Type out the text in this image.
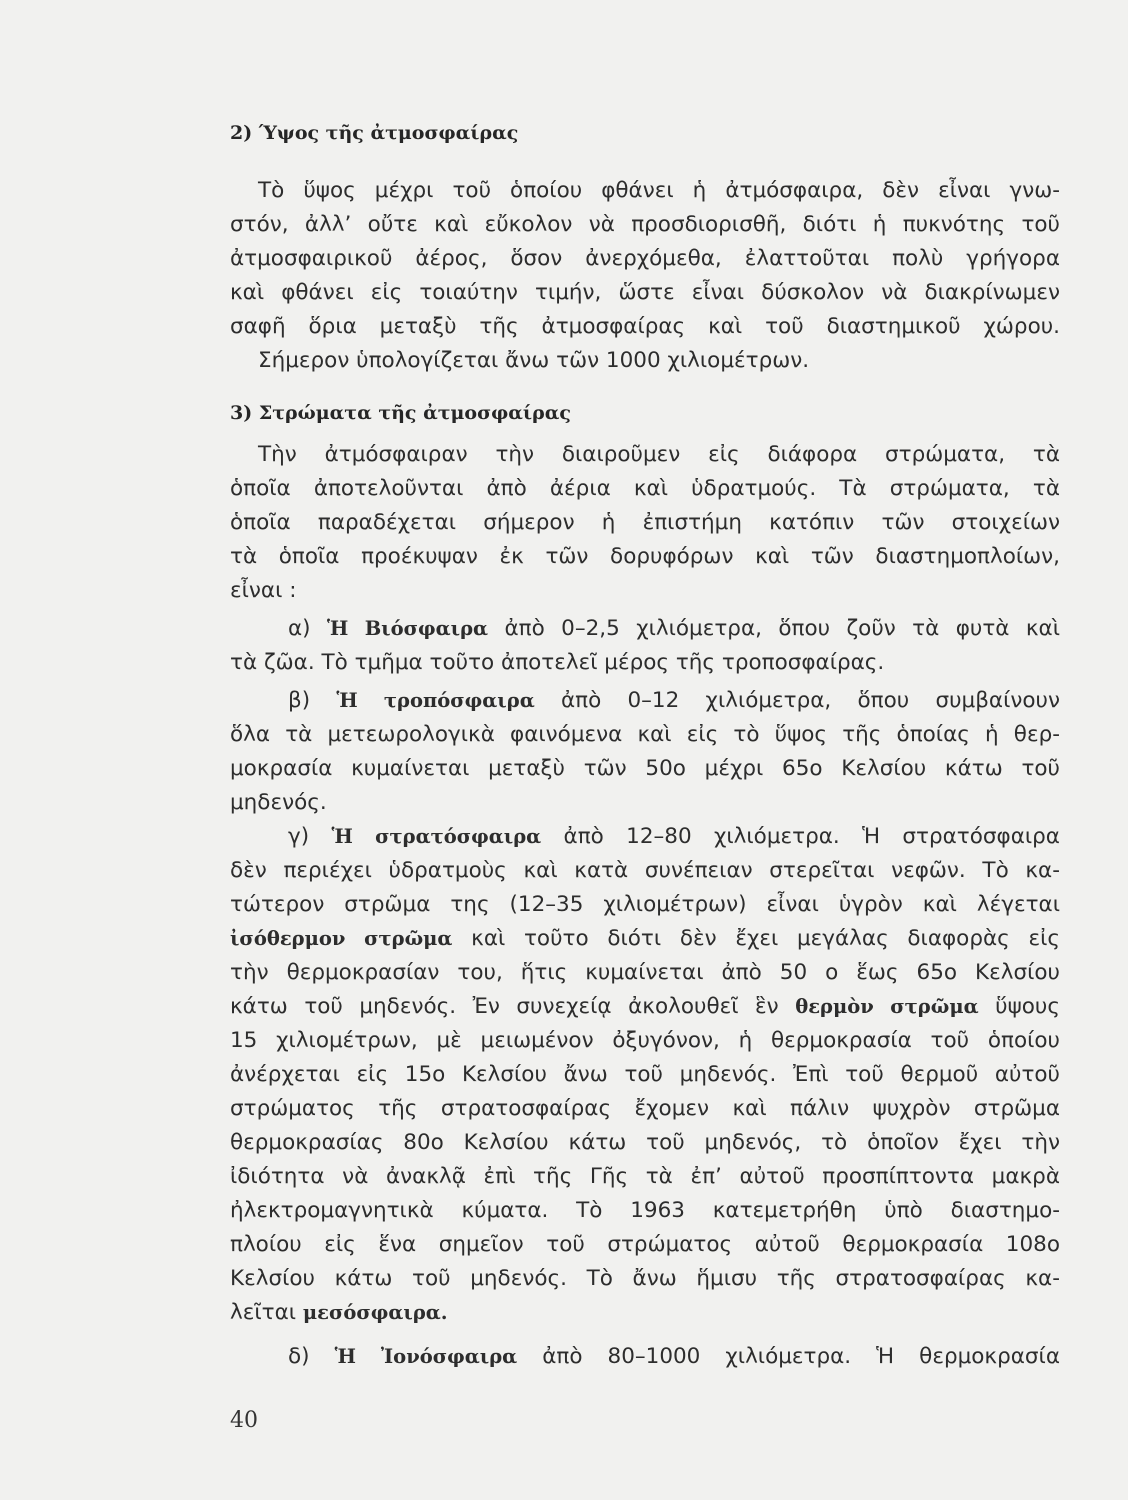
2) Ύψος τῆς ἀτμοσφαίρας
Τὸ ὕψος μέχρι τοῦ ὁποίου φθάνει ἡ ἀτμόσφαιρα, δὲν εἶναι γνω-
στόν, ἀλλ’ οὔτε καὶ εὔκολον νὰ προσδιορισθῆ, διότι ἡ πυκνότης τοῦ
ἀτμοσφαιρικοῦ ἀέρος, ὅσον ἀνερχόμεθα, ἐλαττοῦται πολὺ γρήγορα
καὶ φθάνει εἰς τοιαύτην τιμήν, ὥστε εἶναι δύσκολον νὰ διακρίνωμεν
σαφῆ ὅρια μεταξὺ τῆς ἀτμοσφαίρας καὶ τοῦ διαστημικοῦ χώρου.
Σήμερον ὑπολογίζεται ἄνω τῶν 1000 χιλιομέτρων.
3) Στρώματα τῆς ἀτμοσφαίρας
Τὴν ἀτμόσφαιραν τὴν διαιροῦμεν εἰς διάφορα στρώματα, τὰ
ὁποῖα ἀποτελοῦνται ἀπὸ ἀέρια καὶ ὑδρατμούς. Τὰ στρώματα, τὰ
ὁποῖα παραδέχεται σήμερον ἡ ἐπιστήμη κατόπιν τῶν στοιχείων
τὰ ὁποῖα προέκυψαν ἐκ τῶν δορυφόρων καὶ τῶν διαστημοπλοίων,
εἶναι :
α) Ἡ Βιόσφαιρα ἀπὸ 0–2,5 χιλιόμετρα, ὅπου ζοῦν τὰ φυτὰ καὶ
τὰ ζῶα. Τὸ τμῆμα τοῦτο ἀποτελεῖ μέρος τῆς τροποσφαίρας.
β) Ἡ τροπόσφαιρα ἀπὸ 0–12 χιλιόμετρα, ὅπου συμβαίνουν
ὅλα τὰ μετεωρολογικὰ φαινόμενα καὶ εἰς τὸ ὕψος τῆς ὁποίας ἡ θερ-
μοκρασία κυμαίνεται μεταξὺ τῶν 50ο μέχρι 65ο Κελσίου κάτω τοῦ
μηδενός.
γ) Ἡ στρατόσφαιρα ἀπὸ 12–80 χιλιόμετρα. Ἡ στρατόσφαιρα
δὲν περιέχει ὑδρατμοὺς καὶ κατὰ συνέπειαν στερεῖται νεφῶν. Τὸ κα-
τώτερον στρῶμα της (12–35 χιλιομέτρων) εἶναι ὑγρὸν καὶ λέγεται
ἰσόθερμον στρῶμα καὶ τοῦτο διότι δὲν ἔχει μεγάλας διαφορὰς εἰς
τὴν θερμοκρασίαν του, ἥτις κυμαίνεται ἀπὸ 50 ο ἕως 65ο Κελσίου
κάτω τοῦ μηδενός. Ἐν συνεχείᾳ ἀκολουθεῖ ἓν θερμὸν στρῶμα ὕψους
15 χιλιομέτρων, μὲ μειωμένον ὀξυγόνον, ἡ θερμοκρασία τοῦ ὁποίου
ἀνέρχεται εἰς 15ο Κελσίου ἄνω τοῦ μηδενός. Ἐπὶ τοῦ θερμοῦ αὐτοῦ
στρώματος τῆς στρατοσφαίρας ἔχομεν καὶ πάλιν ψυχρὸν στρῶμα
θερμοκρασίας 80ο Κελσίου κάτω τοῦ μηδενός, τὸ ὁποῖον ἔχει τὴν
ἰδιότητα νὰ ἀνακλᾷ ἐπὶ τῆς Γῆς τὰ ἐπ’ αὐτοῦ προσπίπτοντα μακρὰ
ἠλεκτρομαγνητικὰ κύματα. Τὸ 1963 κατεμετρήθη ὑπὸ διαστημο-
πλοίου εἰς ἕνα σημεῖον τοῦ στρώματος αὐτοῦ θερμοκρασία 108ο
Κελσίου κάτω τοῦ μηδενός. Τὸ ἄνω ἥμισυ τῆς στρατοσφαίρας κα-
λεῖται μεσόσφαιρα.
δ) Ἡ Ἰονόσφαιρα ἀπὸ 80–1000 χιλιόμετρα. Ἡ θερμοκρασία
40
